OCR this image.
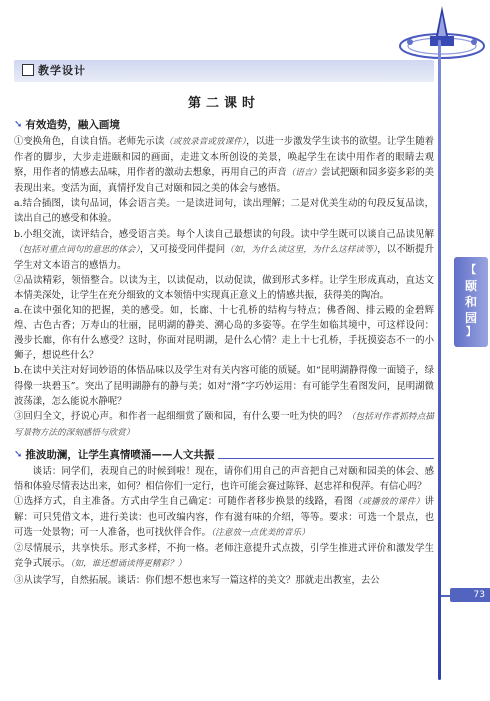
教学设计
【
颐
和
园
】
73
第二课时
➘ 有效造势，融入画境

①变换角色，自读自悟。老师先示读（或放录音或放课件），以进一步激发学生读书的欲望。让学生随着作者的脚步，大步走进颐和园的画面，走进文本所创设的美景，唤起学生在读中用作者的眼睛去观察，用作者的情感去品味，用作者的激动去想象，再用自己的声音（语言）尝试把颐和园多姿多彩的美表现出来。变活为面，真情抒发自己对颐和园之美的体会与感悟。

a.结合插图，读句品词，体会语言美。一是读进词句，读出理解；二是对优美生动的句段反复品读，读出自己的感受和体验。

b.小组交流，读评结合，感受语言美。每个人读自己最想读的句段。读中学生既可以谈自己品读见解（包括对重点词句的意思的体会），又可接受同伴提问（如，为什么读这里，为什么这样读等），以不断提升学生对文本语言的感悟力。

②品读精彩，领悟整合。以读为主，以读促动，以动促读，做到形式多样。让学生形成真动，直达文本情美深处，让学生在充分细致的文本领悟中实现真正意义上的情感共振，获得美的陶冶。

a.在读中强化知的把握，美的感受。如，长廊、十七孔桥的结构与特点；佛香阁、排云殿的金碧辉煌、古色古香；万寿山的壮丽，昆明湖的静美、溯心岛的多姿等。在学生如临其境中，可这样设问：漫步长廊，你有什么感受？这时，你面对昆明湖，是什么心情？走上十七孔桥，手抚摸姿态不一的小狮子，想说些什么？

b.在读中关注对好词妙语的体悟品味以及学生对有关内容可能的质疑。如“昆明湖静得像一面镜子，绿得像一块碧玉”。突出了昆明湖静有的静与美；如对“滑”字巧妙运用：有可能学生看图发问，昆明湖微波荡漾，怎么能说水静呢？

③回归全文，抒说心声。和作者一起细细赏了颐和园，有什么要一吐为快的吗？（包括对作者抓特点描写景物方法的深刻感悟与欣赏）

➘ 推波助澜，让学生真情喷涌——人文共振

谈话：同学们，表现自己的时候到啦！现在，请你们用自己的声音把自己对颐和园美的体会、感悟和体验尽情表达出来，如何？相信你们一定行，也许可能会赛过陈铎、赵忠祥和倪萍。有信心吗？

①选择方式，自主准备。方式由学生自己确定：可随作者移步换景的线路，看图（或播放的课件）讲解：可只凭借文本，进行美读：也可改编内容，作有滋有味的介绍，等等。要求：可选一个景点，也可选一处景物；可一人准备，也可找伙伴合作。（注意放一点优美的音乐）

②尽情展示，共享快乐。形式多样，不拘一格。老师注意提升式点拨，引学生推进式评价和激发学生竞争式展示。（如，谁还想诵读得更精彩？）

③从读学写，自然拓展。谈话：你们想不想也来写一篇这样的美文？那就走出教室，去公
